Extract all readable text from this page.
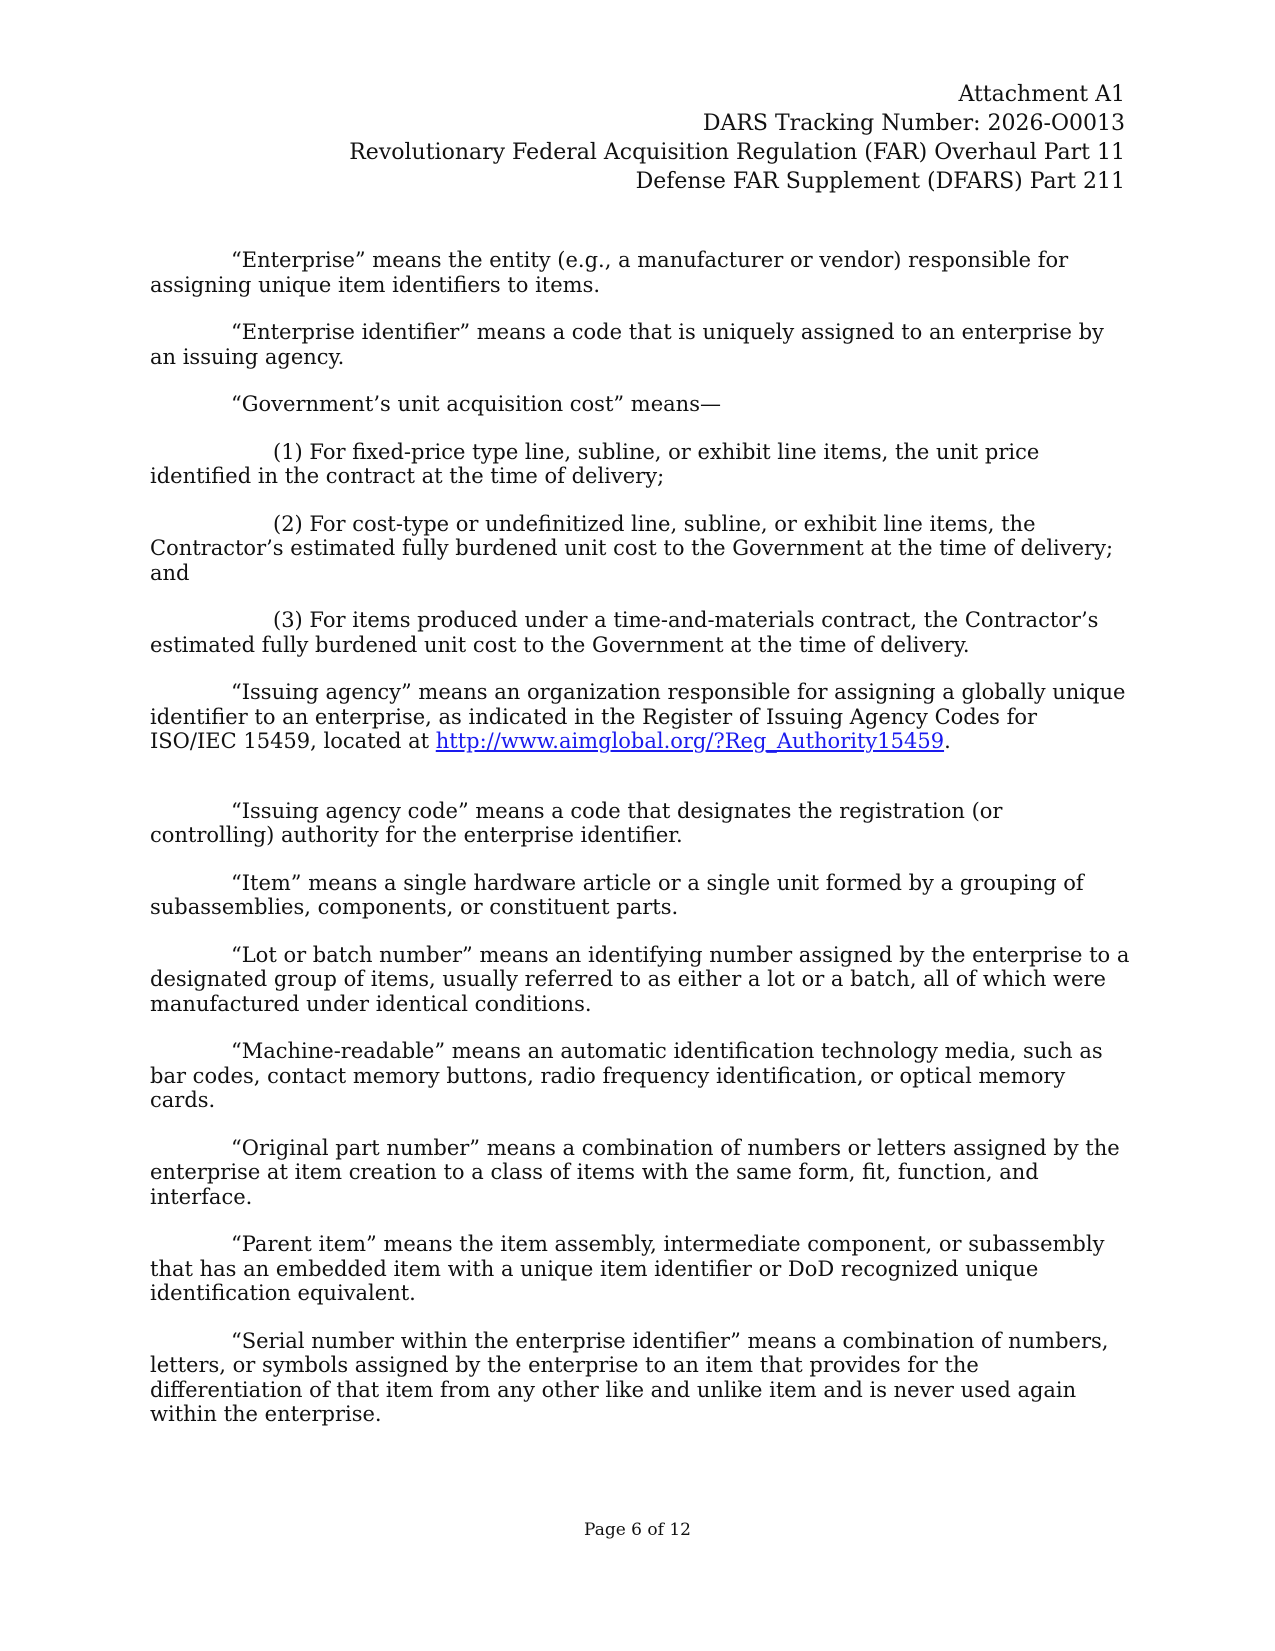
Attachment A1
DARS Tracking Number: 2026-O0013
Revolutionary Federal Acquisition Regulation (FAR) Overhaul Part 11
Defense FAR Supplement (DFARS) Part 211

“Enterprise” means the entity (e.g., a manufacturer or vendor) responsible for assigning unique item identifiers to items.

“Enterprise identifier” means a code that is uniquely assigned to an enterprise by an issuing agency.

“Government’s unit acquisition cost” means—

(1) For fixed-price type line, subline, or exhibit line items, the unit price identified in the contract at the time of delivery;

(2) For cost-type or undefinitized line, subline, or exhibit line items, the Contractor’s estimated fully burdened unit cost to the Government at the time of delivery; and

(3) For items produced under a time-and-materials contract, the Contractor’s estimated fully burdened unit cost to the Government at the time of delivery.

“Issuing agency” means an organization responsible for assigning a globally unique identifier to an enterprise, as indicated in the Register of Issuing Agency Codes for ISO/IEC 15459, located at http://www.aimglobal.org/?Reg_Authority15459.

“Issuing agency code” means a code that designates the registration (or controlling) authority for the enterprise identifier.

“Item” means a single hardware article or a single unit formed by a grouping of subassemblies, components, or constituent parts.

“Lot or batch number” means an identifying number assigned by the enterprise to a designated group of items, usually referred to as either a lot or a batch, all of which were manufactured under identical conditions.

“Machine-readable” means an automatic identification technology media, such as bar codes, contact memory buttons, radio frequency identification, or optical memory cards.

“Original part number” means a combination of numbers or letters assigned by the enterprise at item creation to a class of items with the same form, fit, function, and interface.

“Parent item” means the item assembly, intermediate component, or subassembly that has an embedded item with a unique item identifier or DoD recognized unique identification equivalent.

“Serial number within the enterprise identifier” means a combination of numbers, letters, or symbols assigned by the enterprise to an item that provides for the differentiation of that item from any other like and unlike item and is never used again within the enterprise.

Page 6 of 12
